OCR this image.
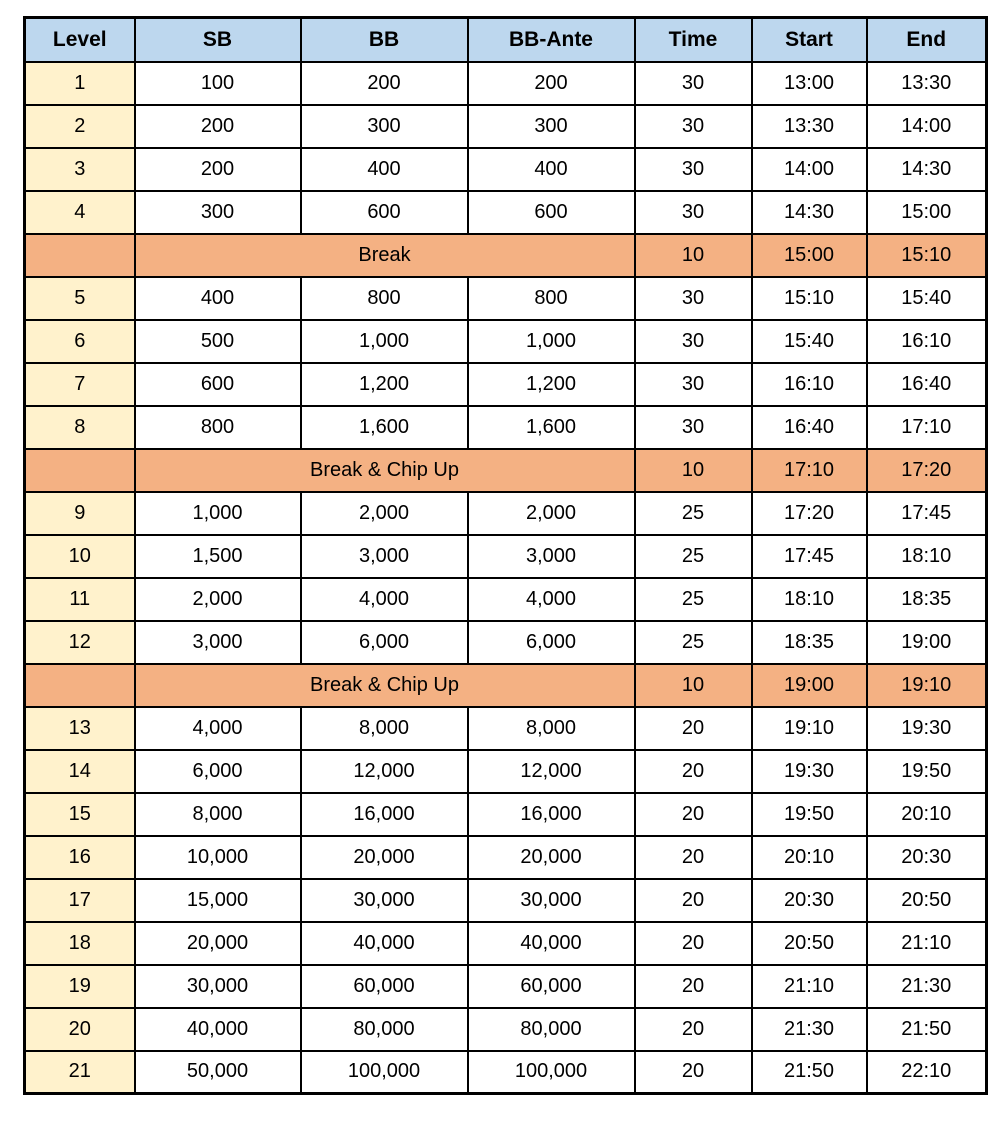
Level	SB	BB	BB-Ante	Time	Start	End
1	100	200	200	30	13:00	13:30
2	200	300	300	30	13:30	14:00
3	200	400	400	30	14:00	14:30
4	300	600	600	30	14:30	15:00
	Break			10	15:00	15:10
5	400	800	800	30	15:10	15:40
6	500	1,000	1,000	30	15:40	16:10
7	600	1,200	1,200	30	16:10	16:40
8	800	1,600	1,600	30	16:40	17:10
	Break & Chip Up			10	17:10	17:20
9	1,000	2,000	2,000	25	17:20	17:45
10	1,500	3,000	3,000	25	17:45	18:10
11	2,000	4,000	4,000	25	18:10	18:35
12	3,000	6,000	6,000	25	18:35	19:00
	Break & Chip Up			10	19:00	19:10
13	4,000	8,000	8,000	20	19:10	19:30
14	6,000	12,000	12,000	20	19:30	19:50
15	8,000	16,000	16,000	20	19:50	20:10
16	10,000	20,000	20,000	20	20:10	20:30
17	15,000	30,000	30,000	20	20:30	20:50
18	20,000	40,000	40,000	20	20:50	21:10
19	30,000	60,000	60,000	20	21:10	21:30
20	40,000	80,000	80,000	20	21:30	21:50
21	50,000	100,000	100,000	20	21:50	22:10
